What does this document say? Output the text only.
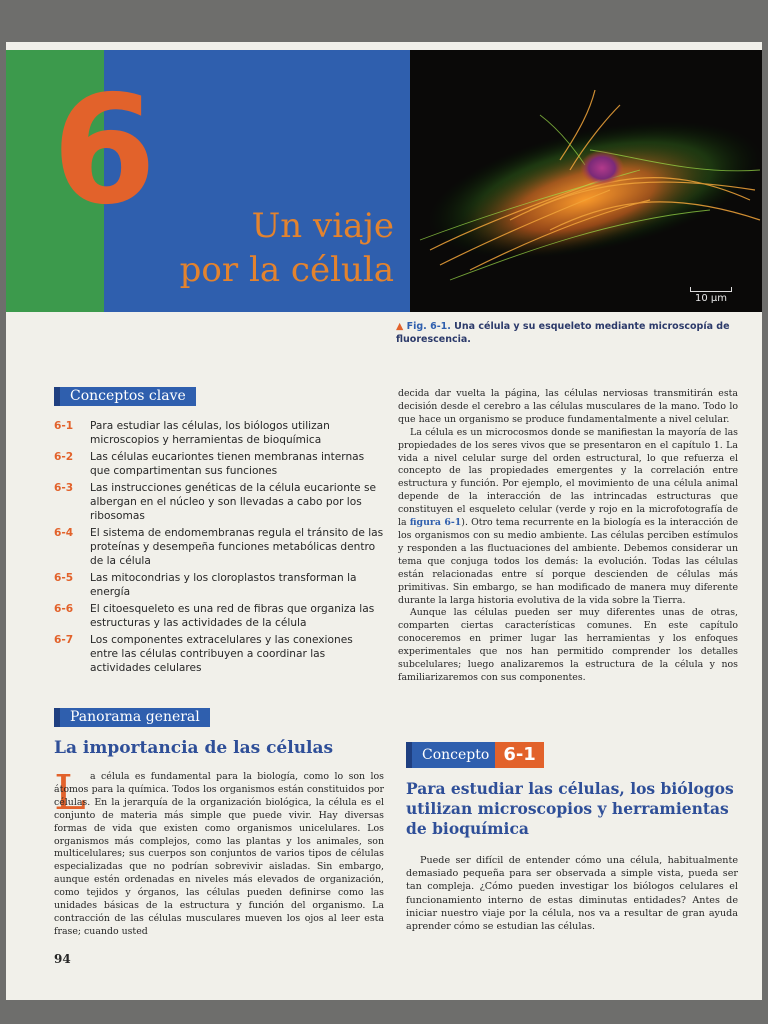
6	Un viaje
por la célula
10 µm
▲ Fig. 6-1. Una célula y su esqueleto mediante microscopía de fluorescencia.
Conceptos clave
6-1	Para estudiar las células, los biólogos utilizan microscopios y herramientas de bioquímica
6-2	Las células eucariontes tienen membranas internas que compartimentan sus funciones
6-3	Las instrucciones genéticas de la célula eucarionte se albergan en el núcleo y son llevadas a cabo por los ribosomas
6-4	El sistema de endomembranas regula el tránsito de las proteínas y desempeña funciones metabólicas dentro de la célula
6-5	Las mitocondrias y los cloroplastos transforman la energía
6-6	El citoesqueleto es una red de fibras que organiza las estructuras y las actividades de la célula
6-7	Los componentes extracelulares y las conexiones entre las células contribuyen a coordinar las actividades celulares
Panorama general
La importancia de las células
L a célula es fundamental para la biología, como lo son los átomos para la química. Todos los organismos están constituidos por células. En la jerarquía de la organización biológica, la célula es el conjunto de materia más simple que puede vivir. Hay diversas formas de vida que existen como organismos unicelulares. Los organismos más complejos, como las plantas y los animales, son multicelulares; sus cuerpos son conjuntos de varios tipos de células especializadas que no podrían sobrevivir aisladas. Sin embargo, aunque estén ordenadas en niveles más elevados de organización, como tejidos y órganos, las células pueden definirse como las unidades básicas de la estructura y función del organismo. La contracción de las células musculares mueven los ojos al leer esta frase; cuando usted
94

decida dar vuelta la página, las células nerviosas transmitirán esta decisión desde el cerebro a las células musculares de la mano. Todo lo que hace un organismo se produce fundamentalmente a nivel celular.

La célula es un microcosmos donde se manifiestan la mayoría de las propiedades de los seres vivos que se presentaron en el capítulo 1. La vida a nivel celular surge del orden estructural, lo que refuerza el concepto de las propiedades emergentes y la correlación entre estructura y función. Por ejemplo, el movimiento de una célula animal depende de la interacción de las intrincadas estructuras que constituyen el esqueleto celular (verde y rojo en la microfotografía de la figura 6-1). Otro tema recurrente en la biología es la interacción de los organismos con su medio ambiente. Las células perciben estímulos y responden a las fluctuaciones del ambiente. Debemos considerar un tema que conjuga todos los demás: la evolución. Todas las células están relacionadas entre sí porque descienden de células más primitivas. Sin embargo, se han modificado de manera muy diferente durante la larga historia evolutiva de la vida sobre la Tierra.

Aunque las células pueden ser muy diferentes unas de otras, comparten ciertas características comunes. En este capítulo conoceremos en primer lugar las herramientas y los enfoques experimentales que nos han permitido comprender los detalles subcelulares; luego analizaremos la estructura de la célula y nos familiarizaremos con sus componentes.

Concepto 6-1
Para estudiar las células, los biólogos utilizan microscopios y herramientas de bioquímica
Puede ser difícil de entender cómo una célula, habitualmente demasiado pequeña para ser observada a simple vista, pueda ser tan compleja. ¿Cómo pueden investigar los biólogos celulares el funcionamiento interno de estas diminutas entidades? Antes de iniciar nuestro viaje por la célula, nos va a resultar de gran ayuda aprender cómo se estudian las células.
